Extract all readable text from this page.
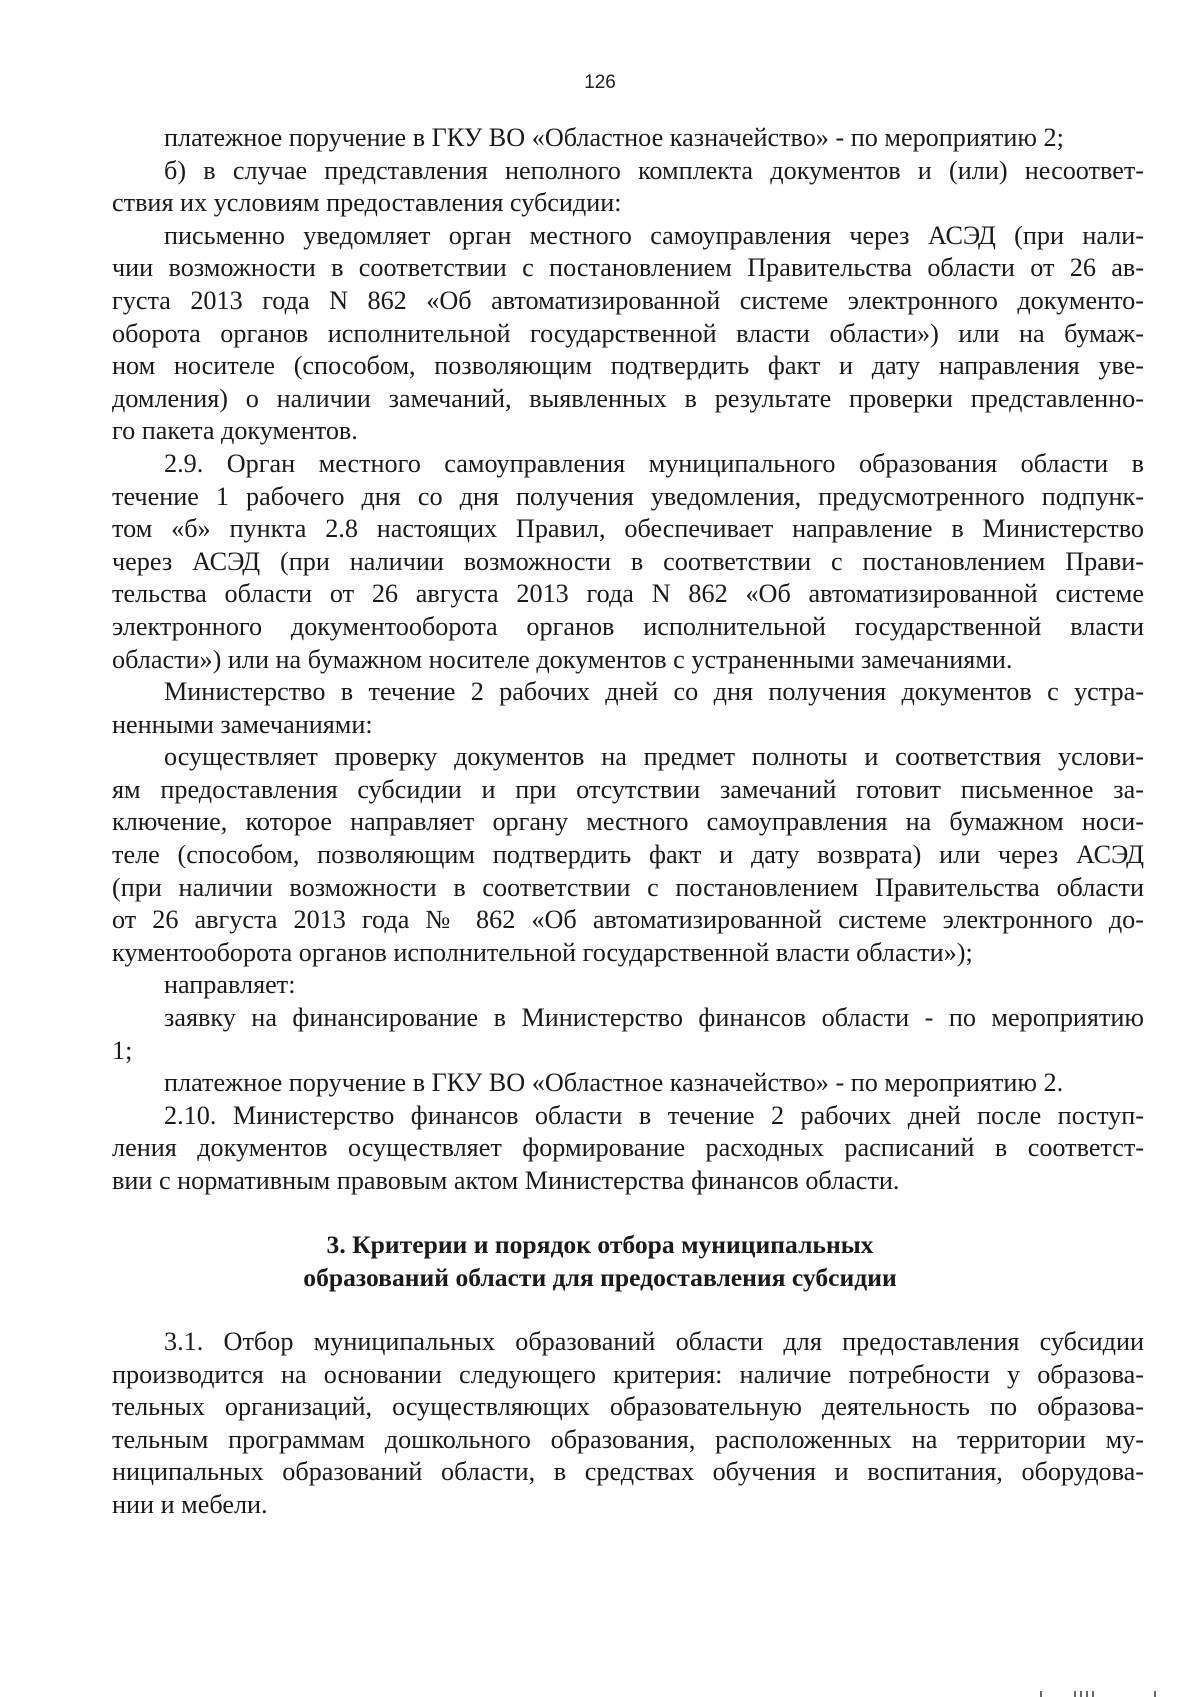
126
платежное поручение в ГКУ ВО «Областное казначейство» - по мероприятию 2;
б) в случае представления неполного комплекта документов и (или) несоответ-
ствия их условиям предоставления субсидии:
письменно уведомляет орган местного самоуправления через АСЭД (при нали-
чии возможности в соответствии с постановлением Правительства области от 26 ав-
густа 2013 года N 862 «Об автоматизированной системе электронного документо-
оборота органов исполнительной государственной власти области») или на бумаж-
ном носителе (способом, позволяющим подтвердить факт и дату направления уве-
домления) о наличии замечаний, выявленных в результате проверки представленно-
го пакета документов.
2.9. Орган местного самоуправления муниципального образования области в
течение 1 рабочего дня со дня получения уведомления, предусмотренного подпунк-
том «б» пункта 2.8 настоящих Правил, обеспечивает направление в Министерство
через АСЭД (при наличии возможности в соответствии с постановлением Прави-
тельства области от 26 августа 2013 года N 862 «Об автоматизированной системе
электронного документооборота органов исполнительной государственной власти
области») или на бумажном носителе документов с устраненными замечаниями.
Министерство в течение 2 рабочих дней со дня получения документов с устра-
ненными замечаниями:
осуществляет проверку документов на предмет полноты и соответствия услови-
ям предоставления субсидии и при отсутствии замечаний готовит письменное за-
ключение, которое направляет органу местного самоуправления на бумажном носи-
теле (способом, позволяющим подтвердить факт и дату возврата) или через АСЭД
(при наличии возможности в соответствии с постановлением Правительства области
от 26 августа 2013 года № 862 «Об автоматизированной системе электронного до-
кументооборота органов исполнительной государственной власти области»);
направляет:
заявку на финансирование в Министерство финансов области - по мероприятию
1;
платежное поручение в ГКУ ВО «Областное казначейство» - по мероприятию 2.
2.10. Министерство финансов области в течение 2 рабочих дней после поступ-
ления документов осуществляет формирование расходных расписаний в соответст-
вии с нормативным правовым актом Министерства финансов области.
3. Критерии и порядок отбора муниципальных
образований области для предоставления субсидии
3.1. Отбор муниципальных образований области для предоставления субсидии
производится на основании следующего критерия: наличие потребности у образова-
тельных организаций, осуществляющих образовательную деятельность по образова-
тельным программам дошкольного образования, расположенных на территории му-
ниципальных образований области, в средствах обучения и воспитания, оборудова-
нии и мебели.
